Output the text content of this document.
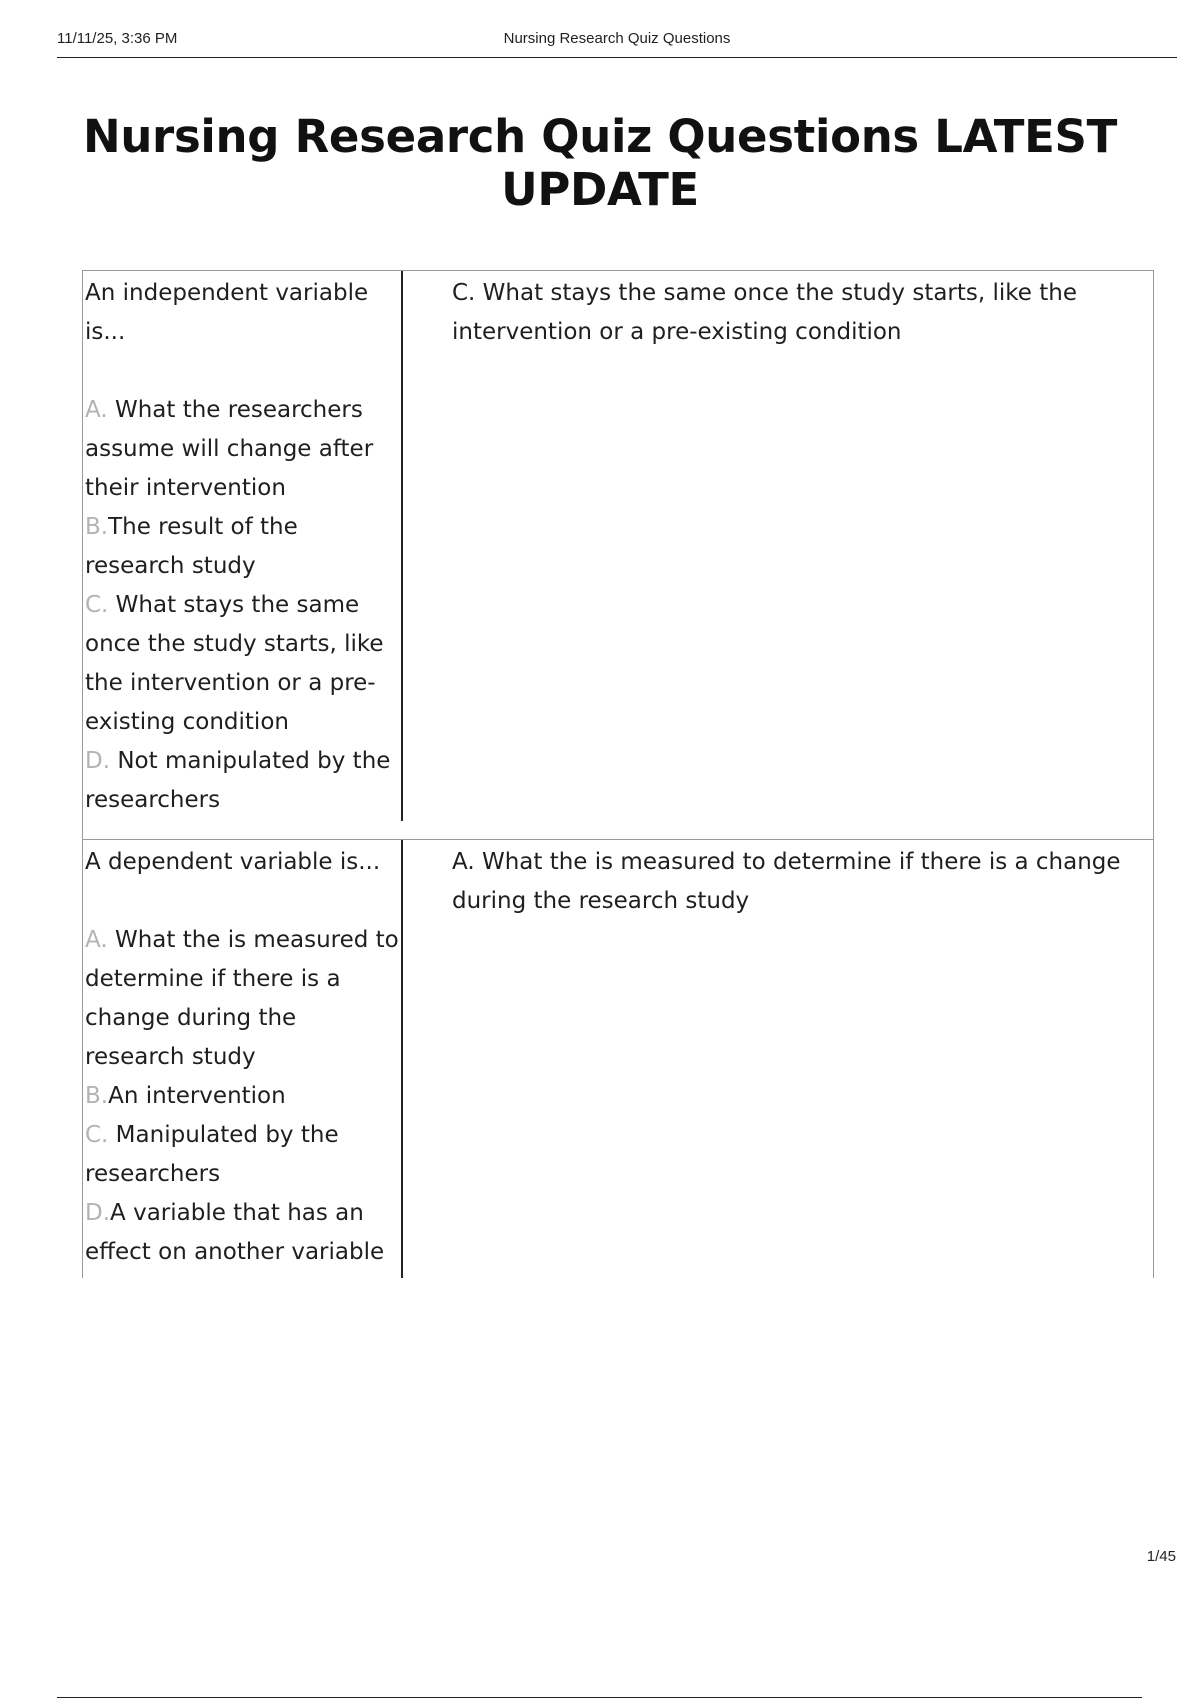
11/11/25, 3:36 PM	Nursing Research Quiz Questions
Nursing Research Quiz Questions LATEST UPDATE
An independent variable is...
A. What the researchers assume will change after their intervention
B.The result of the research study
C. What stays the same once the study starts, like the intervention or a pre-existing condition
D. Not manipulated by the researchers
C. What stays the same once the study starts, like the intervention or a pre-existing condition
A dependent variable is...
A. What the is measured to determine if there is a change during the research study
B.An intervention
C. Manipulated by the researchers
D.A variable that has an effect on another variable
A. What the is measured to determine if there is a change during the research study
1/45
